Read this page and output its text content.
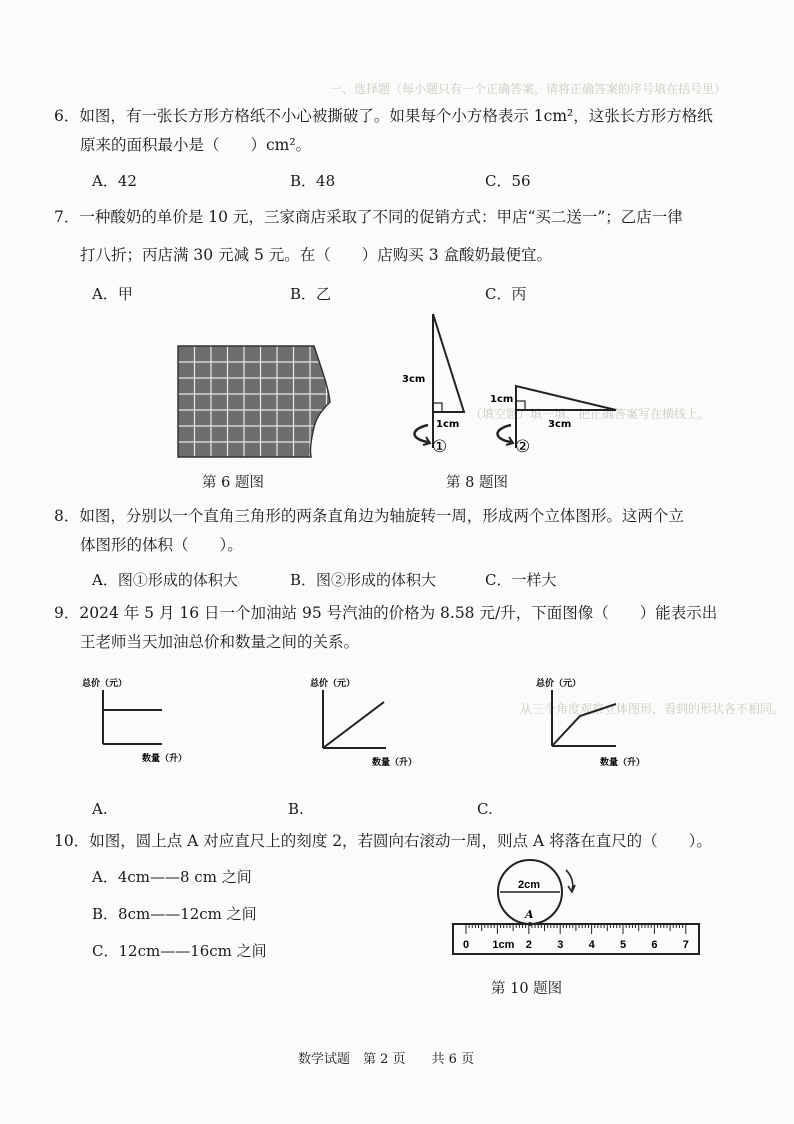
一、选择题（每小题只有一个正确答案，请将正确答案的序号填在括号里）
（填空题）填一填，把正确答案写在横线上。
从三个角度观察立体图形，看到的形状各不相同。
6．如图，有一张长方形方格纸不小心被撕破了。如果每个小方格表示 1cm²，这张长方形方格纸
原来的面积最小是（　　）cm²。
A．42	B．48	C．56
7．一种酸奶的单价是 10 元，三家商店采取了不同的促销方式：甲店“买二送一”；乙店一律
打八折；丙店满 30 元减 5 元。在（　　）店购买 3 盒酸奶最便宜。
A．甲	B．乙	C．丙
第 6 题图
3cm
1cm
①
1cm
3cm
②
第 8 题图
8．如图，分别以一个直角三角形的两条直角边为轴旋转一周，形成两个立体图形。这两个立
体图形的体积（　　）。
A．图①形成的体积大	B．图②形成的体积大	C．一样大
9．2024 年 5 月 16 日一个加油站 95 号汽油的价格为 8.58 元/升，下面图像（　　）能表示出
王老师当天加油总价和数量之间的关系。
总价（元）
数量（升）
总价（元）
数量（升）
总价（元）
数量（升）
A.	B.	C.
10．如图，圆上点 A 对应直尺上的刻度 2，若圆向右滚动一周，则点 A 将落在直尺的（　　）。
A．4cm——8 cm 之间
B．8cm——12cm 之间
C．12cm——16cm 之间
2cm
A
0 1cm 2 3 4 5 6 7
第 10 题图
数学试题　第 2 页　　共 6 页
